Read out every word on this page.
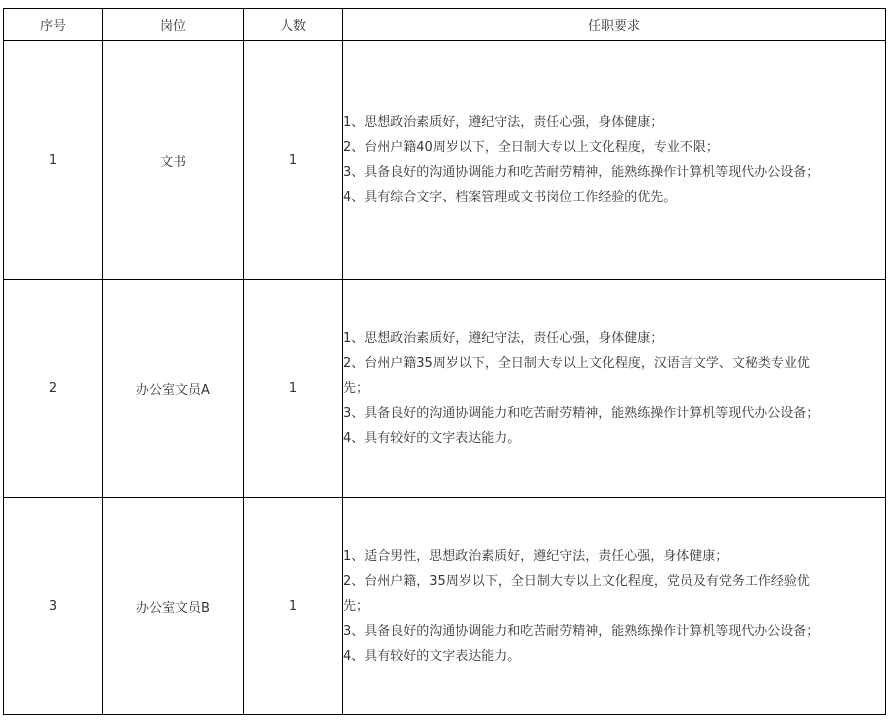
序号	岗位	人数	任职要求
1	文书	1	1、思想政治素质好，遵纪守法，责任心强，身体健康；
2、台州户籍40周岁以下，全日制大专以上文化程度，专业不限；
3、具备良好的沟通协调能力和吃苦耐劳精神，能熟练操作计算机等现代办公设备；
4、具有综合文字、档案管理或文书岗位工作经验的优先。

2	办公室文员A	1	1、思想政治素质好，遵纪守法，责任心强，身体健康；
2、台州户籍35周岁以下，全日制大专以上文化程度，汉语言文学、文秘类专业优
先；
3、具备良好的沟通协调能力和吃苦耐劳精神，能熟练操作计算机等现代办公设备；
4、具有较好的文字表达能力。

3	办公室文员B	1	1、适合男性，思想政治素质好，遵纪守法，责任心强，身体健康；
2、台州户籍，35周岁以下，全日制大专以上文化程度，党员及有党务工作经验优
先；
3、具备良好的沟通协调能力和吃苦耐劳精神，能熟练操作计算机等现代办公设备；
4、具有较好的文字表达能力。
